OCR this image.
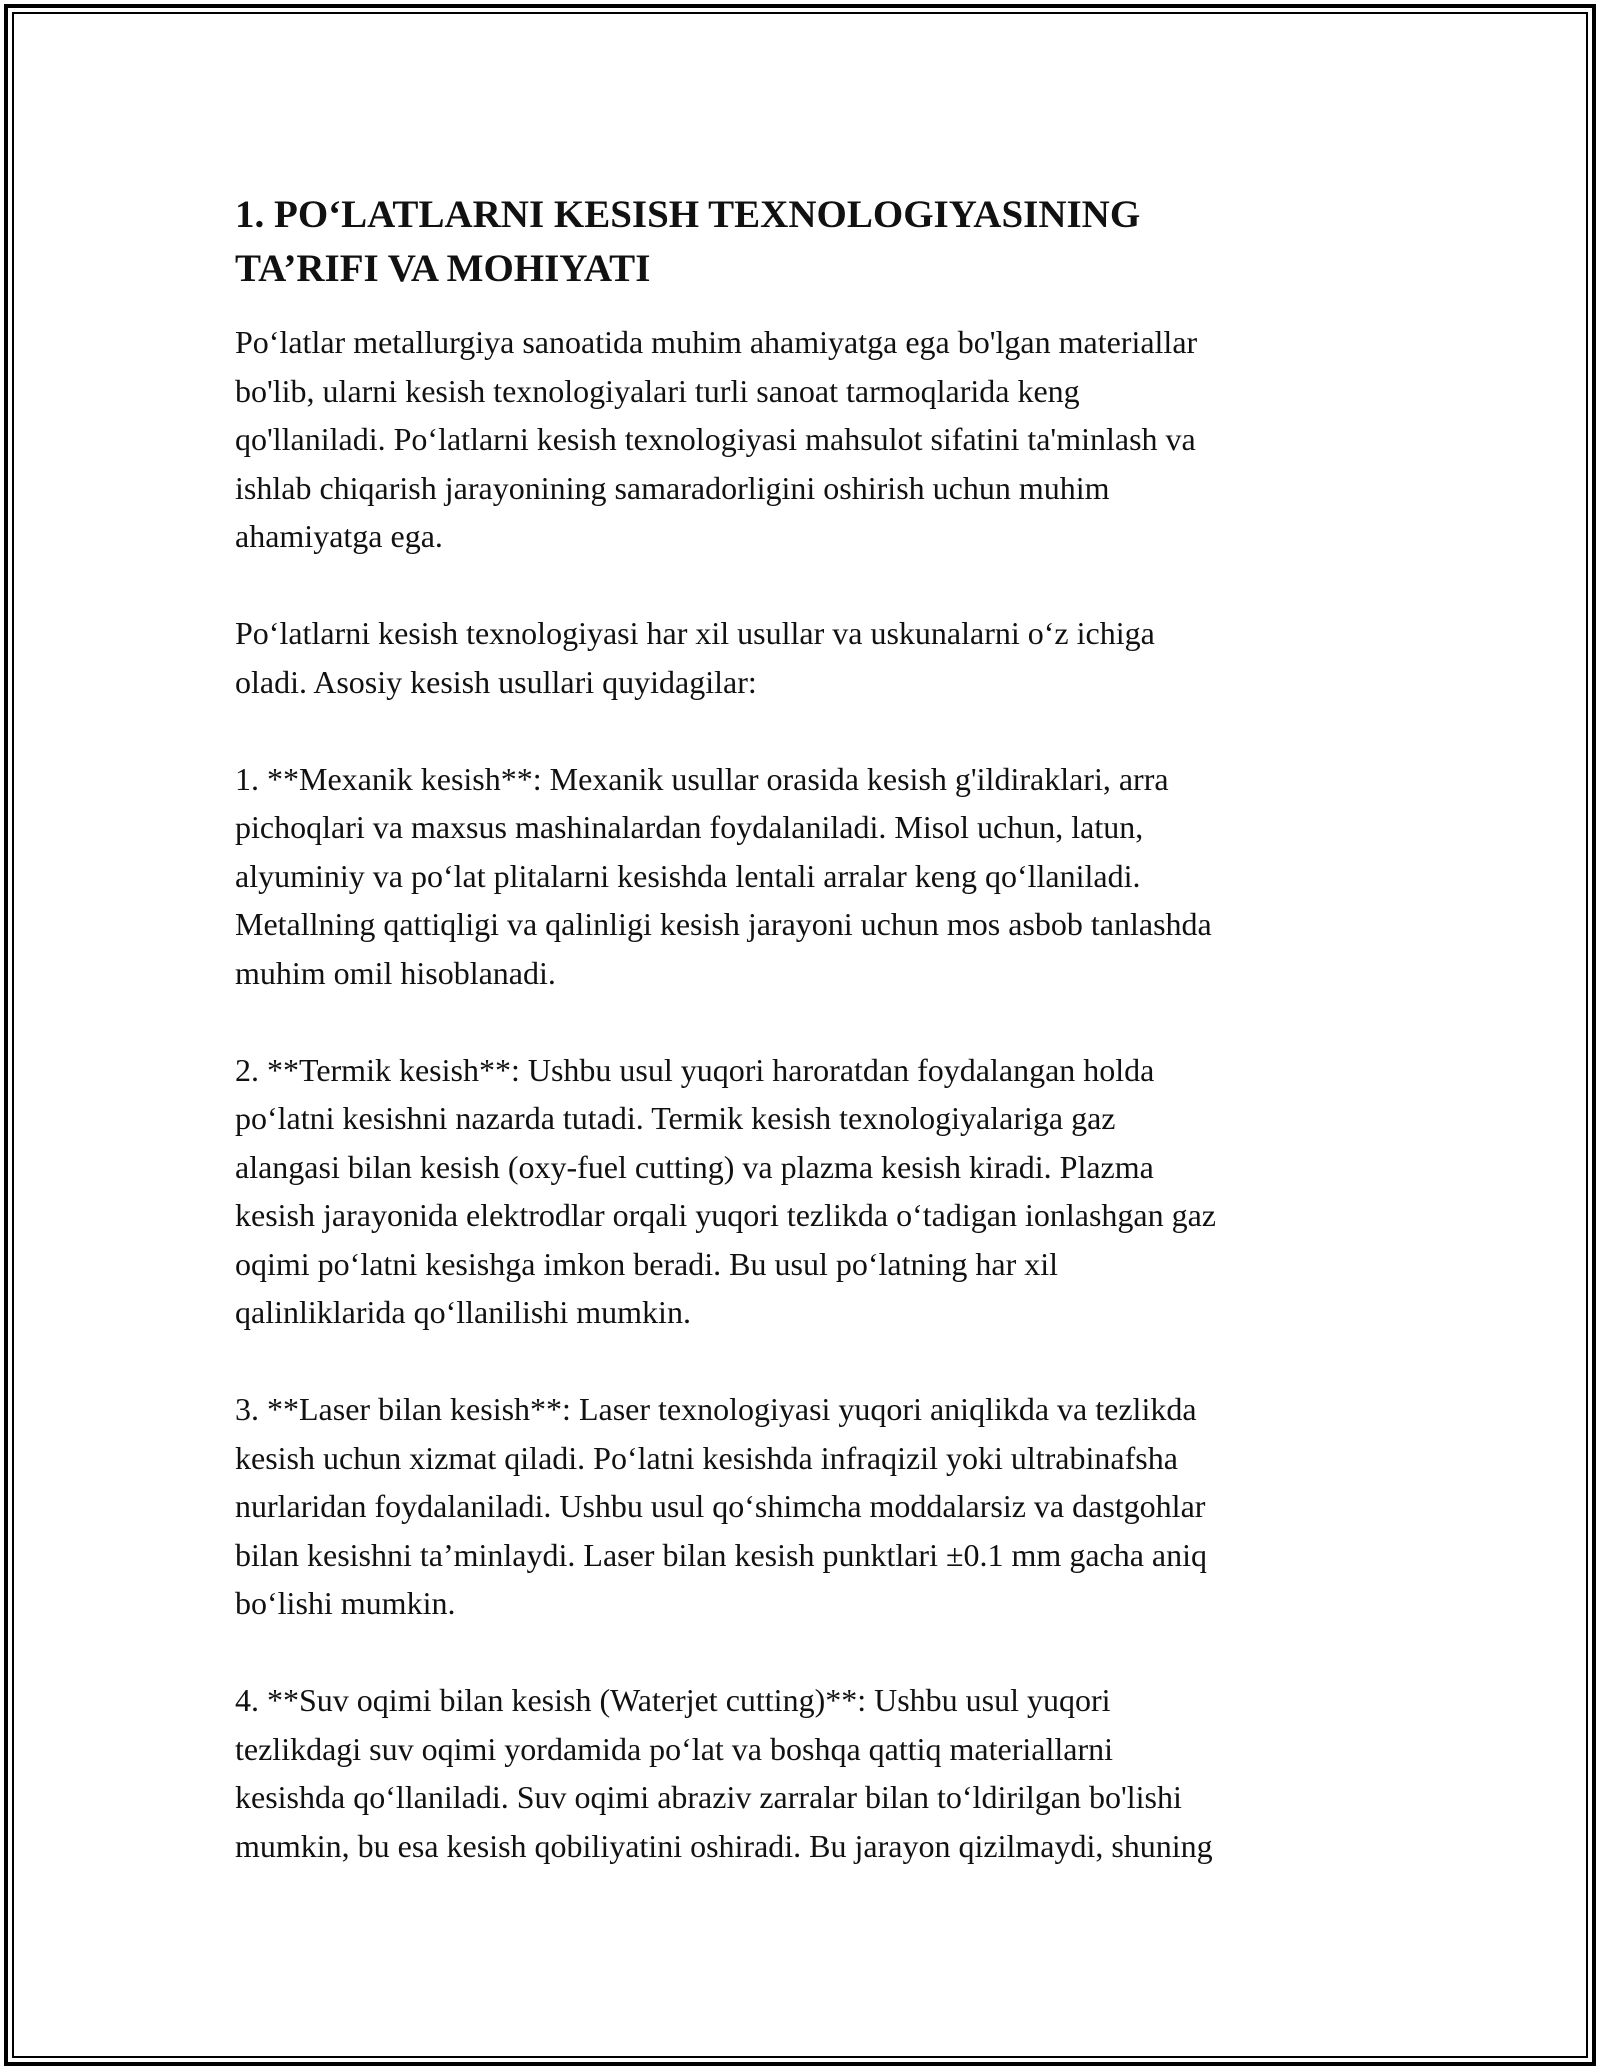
1. PO‘LATLARNI KESISH TEXNOLOGIYASINING
TA’RIFI VA MOHIYATI

Po‘latlar metallurgiya sanoatida muhim ahamiyatga ega bo'lgan materiallar
bo'lib, ularni kesish texnologiyalari turli sanoat tarmoqlarida keng
qo'llaniladi. Po‘latlarni kesish texnologiyasi mahsulot sifatini ta'minlash va
ishlab chiqarish jarayonining samaradorligini oshirish uchun muhim
ahamiyatga ega.

Po‘latlarni kesish texnologiyasi har xil usullar va uskunalarni o‘z ichiga
oladi. Asosiy kesish usullari quyidagilar:

1. **Mexanik kesish**: Mexanik usullar orasida kesish g'ildiraklari, arra
pichoqlari va maxsus mashinalardan foydalaniladi. Misol uchun, latun,
alyuminiy va po‘lat plitalarni kesishda lentali arralar keng qo‘llaniladi.
Metallning qattiqligi va qalinligi kesish jarayoni uchun mos asbob tanlashda
muhim omil hisoblanadi.

2. **Termik kesish**: Ushbu usul yuqori haroratdan foydalangan holda
po‘latni kesishni nazarda tutadi. Termik kesish texnologiyalariga gaz
alangasi bilan kesish (oxy-fuel cutting) va plazma kesish kiradi. Plazma
kesish jarayonida elektrodlar orqali yuqori tezlikda o‘tadigan ionlashgan gaz
oqimi po‘latni kesishga imkon beradi. Bu usul po‘latning har xil
qalinliklarida qo‘llanilishi mumkin.

3. **Laser bilan kesish**: Laser texnologiyasi yuqori aniqlikda va tezlikda
kesish uchun xizmat qiladi. Po‘latni kesishda infraqizil yoki ultrabinafsha
nurlaridan foydalaniladi. Ushbu usul qo‘shimcha moddalarsiz va dastgohlar
bilan kesishni ta’minlaydi. Laser bilan kesish punktlari ±0.1 mm gacha aniq
bo‘lishi mumkin.

4. **Suv oqimi bilan kesish (Waterjet cutting)**: Ushbu usul yuqori
tezlikdagi suv oqimi yordamida po‘lat va boshqa qattiq materiallarni
kesishda qo‘llaniladi. Suv oqimi abraziv zarralar bilan to‘ldirilgan bo'lishi
mumkin, bu esa kesish qobiliyatini oshiradi. Bu jarayon qizilmaydi, shuning
